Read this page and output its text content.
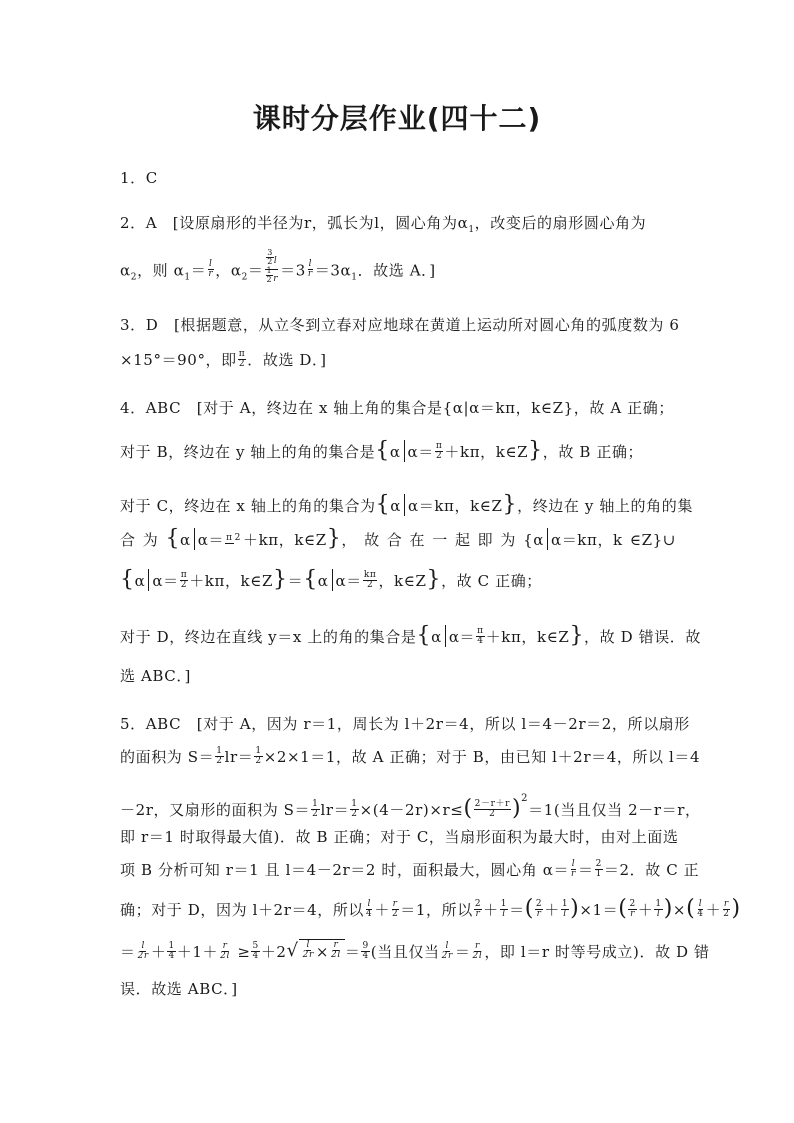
课时分层作业(四十二)
1．C
2．A　[设原扇形的半径为r，弧长为l，圆心角为$\alpha_1$，改变后的扇形圆心角为
$\alpha_2$，则 $\alpha_1= \frac{l}{r}$ ，$\alpha_2= \frac{\frac{3}{2} l}{\frac{1}{2} r} =3 \frac{l}{r} =3\alpha_1$．故选 A．]
3．D　[根据题意，从立冬到立春对应地球在黄道上运动所对圆心角的弧度数为 6
×15°＝90°，即 $\frac{\pi}{2}$ ．故选 D．]
4．ABC　[对于 A，终边在 x 轴上角的集合是{α|α＝kπ，k∈Z}，故 A 正确；
对于 B，终边在 y 轴上的角的集合是{α $\alpha= \frac{\pi}{2} +k\pi$，k∈Z}，故 B 正确；
对于 C，终边在 x 轴上的角的集合为{α α＝kπ，k∈Z}，终边在 y 轴上的角的集
合 为 {α α＝ π 2 ＋kπ，k∈Z}， 故 合 在 一 起 即 为 {α α＝kπ，k ∈Z}∪
{α $\alpha= \frac{\pi}{2} +k\pi$，k∈Z}＝{α $\alpha= \frac{k\pi}{2}$ ，k∈Z}，故 C 正确；
对于 D，终边在直线 y＝x 上的角的集合是{α $\alpha= \frac{\pi}{4} +k\pi$，k∈Z}，故 D 错误．故
选 ABC．]
5．ABC　[对于 A，因为 r＝1，周长为 l＋2r＝4，所以 l＝4－2r＝2，所以扇形
的面积为 $S= \frac{1}{2} lr= \frac{1}{2} \times 2\times 1=1$，故 A 正确；对于 B，由已知 l＋2r＝4，所以 l＝4
－2r，又扇形的面积为 $S= \frac{1}{2} lr= \frac{1}{2} \times(4-2r)\times r\le( \frac{2-r+r}{2} )^2=1$(当且仅当 2－r＝r，
即 r＝1 时取得最大值)．故 B 正确；对于 C，当扇形面积为最大时，由对上面选
项 B 分析可知 r＝1 且 l＝4－2r＝2 时，面积最大，圆心角 $\alpha= \frac{l}{r} = \frac{2}{1} =2$．故 C 正
确；对于 D，因为 l＋2r＝4，所以 $\frac{l}{4} + \frac{r}{2} =1$，所以 $\frac{2}{r} + \frac{1}{l}$ ＝( $\frac{2}{r} + \frac{1}{l} )\times 1=( \frac{2}{r} + \frac{1}{l}$ )×( $\frac{l}{4} + \frac{r}{2}$ )
＝ $\frac{l}{2r} + \frac{1}{4} +1+ \frac{r}{2l} \ge \frac{5}{4} +2√ \frac{l}{2r} \times \frac{r}{2l} = \frac{9}{4}$ (当且仅当 $\frac{l}{2r} = \frac{r}{2l}$ ，即 l＝r 时等号成立)．故 D 错
误．故选 ABC．]
